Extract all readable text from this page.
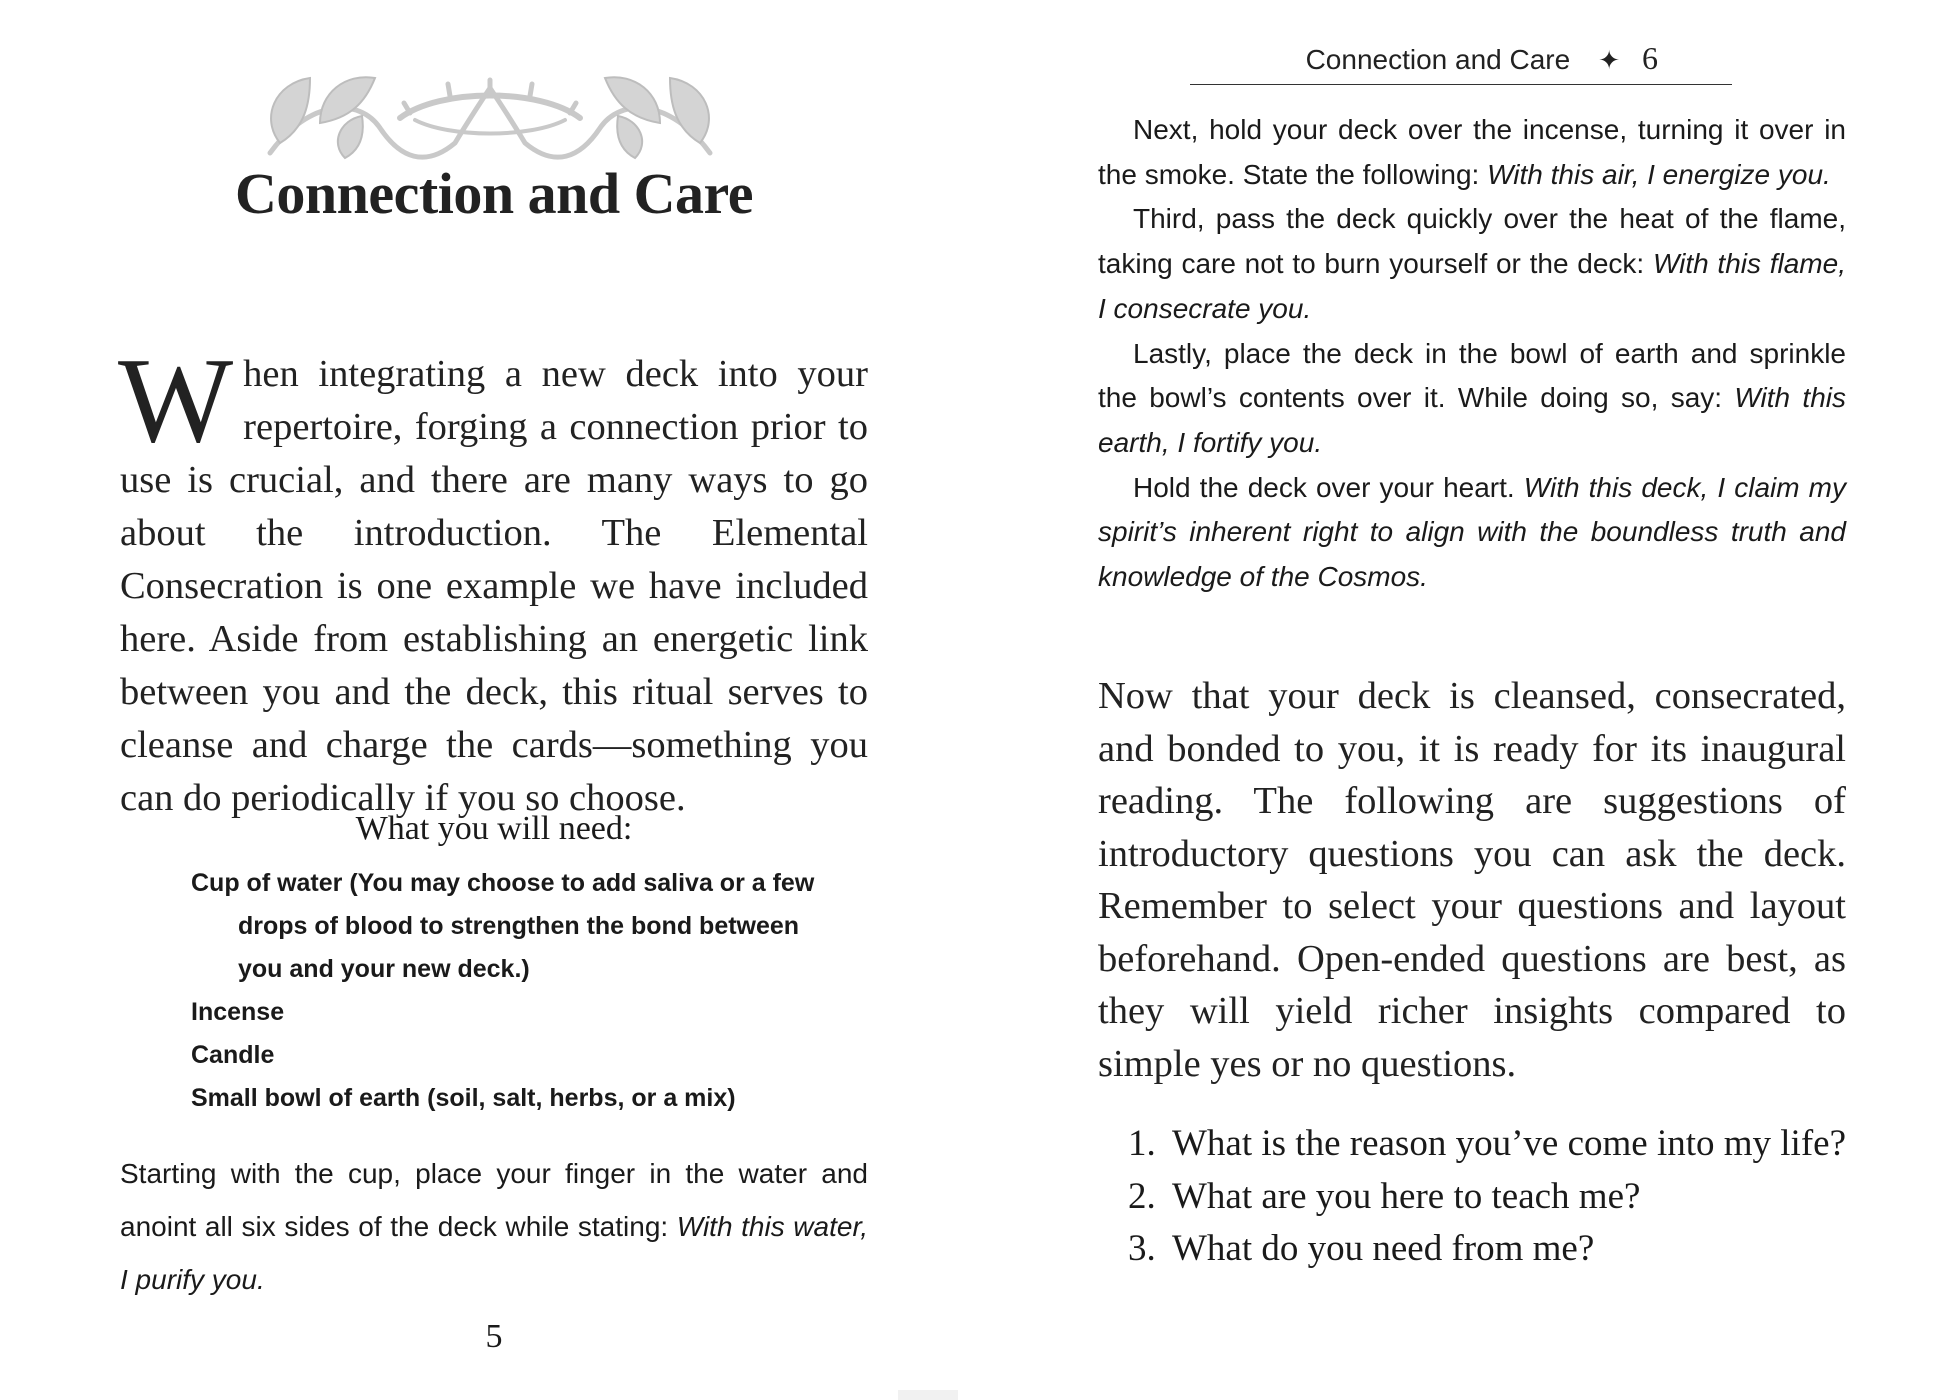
Connection and Care
When integrating a new deck into your repertoire, forging a connection prior to use is crucial, and there are many ways to go about the introduction. The Elemental Consecration is one example we have included here. Aside from establishing an energetic link between you and the deck, this ritual serves to cleanse and charge the cards—something you can do periodically if you so choose.
What you will need:
Cup of water (You may choose to add saliva or a few drops of blood to strengthen the bond between you and your new deck.)
Incense
Candle
Small bowl of earth (soil, salt, herbs, or a mix)
Starting with the cup, place your finger in the water and anoint all six sides of the deck while stating: With this water, I purify you.
5
Connection and Care ✦ 6

Next, hold your deck over the incense, turning it over in the smoke. State the following: With this air, I energize you.

Third, pass the deck quickly over the heat of the flame, taking care not to burn yourself or the deck: With this flame, I consecrate you.

Lastly, place the deck in the bowl of earth and sprinkle the bowl’s contents over it. While doing so, say: With this earth, I fortify you.

Hold the deck over your heart. With this deck, I claim my spirit’s inherent right to align with the boundless truth and knowledge of the Cosmos.

Now that your deck is cleansed, consecrated, and bonded to you, it is ready for its inaugural reading. The following are suggestions of introductory questions you can ask the deck. Remember to select your questions and layout beforehand. Open-ended questions are best, as they will yield richer insights compared to simple yes or no questions.
1. What is the reason you’ve come into my life?
2. What are you here to teach me?
3. What do you need from me?
